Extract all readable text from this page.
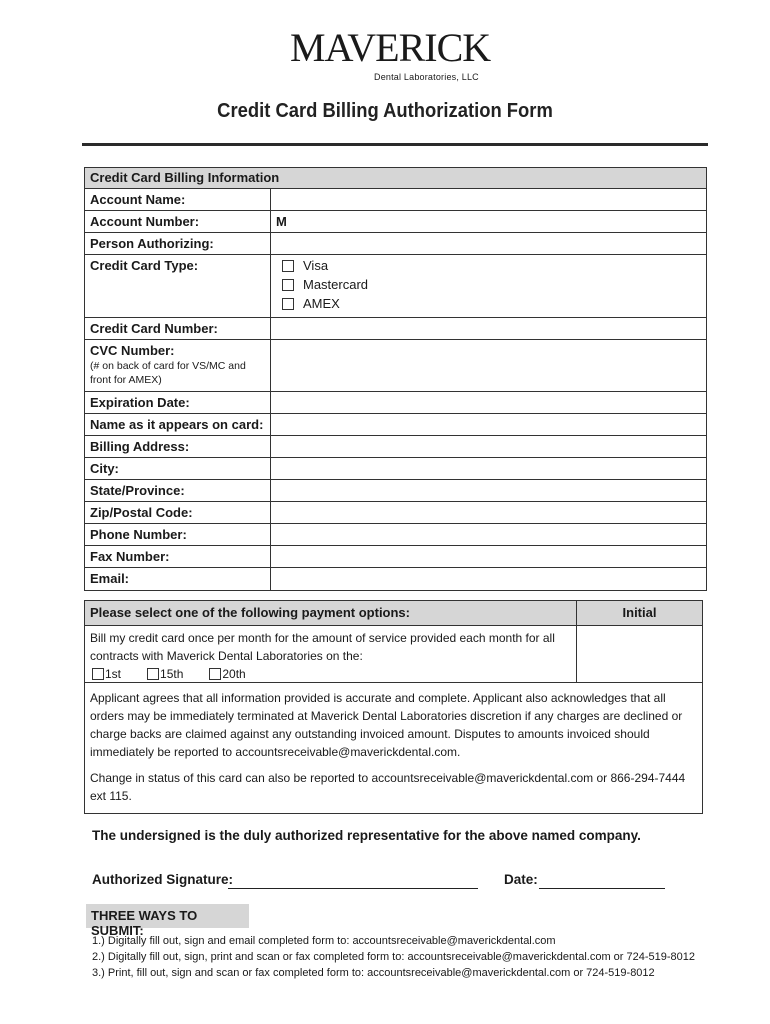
MAVERICK
Dental Laboratories, LLC
Credit Card Billing Authorization Form
Credit Card Billing Information
Account Name:
Account Number:	M
Person Authorizing:
Credit Card Type:	Visa
Mastercard
AMEX
Credit Card Number:
CVC Number:
(# on back of card for VS/MC and front for AMEX)
Expiration Date:
Name as it appears on card:
Billing Address:
City:
State/Province:
Zip/Postal Code:
Phone Number:
Fax Number:
Email:
Please select one of the following payment options:	Initial
Bill my credit card once per month for the amount of service provided each month for all contracts with Maverick Dental Laboratories on the:
1st	15th	20th

Applicant agrees that all information provided is accurate and complete. Applicant also acknowledges that all orders may be immediately terminated at Maverick Dental Laboratories discretion if any charges are declined or charge backs are claimed against any outstanding invoiced amount. Disputes to amounts invoiced should immediately be reported to accountsreceivable@maverickdental.com.

Change in status of this card can also be reported to accountsreceivable@maverickdental.com or 866-294-7444 ext 115.

The undersigned is the duly authorized representative for the above named company.
Authorized Signature:	Date:
THREE WAYS TO SUBMIT:
1.) Digitally fill out, sign and email completed form to: accountsreceivable@maverickdental.com
2.) Digitally fill out, sign, print and scan or fax completed form to: accountsreceivable@maverickdental.com or 724-519-8012
3.) Print, fill out, sign and scan or fax completed form to: accountsreceivable@maverickdental.com or 724-519-8012
